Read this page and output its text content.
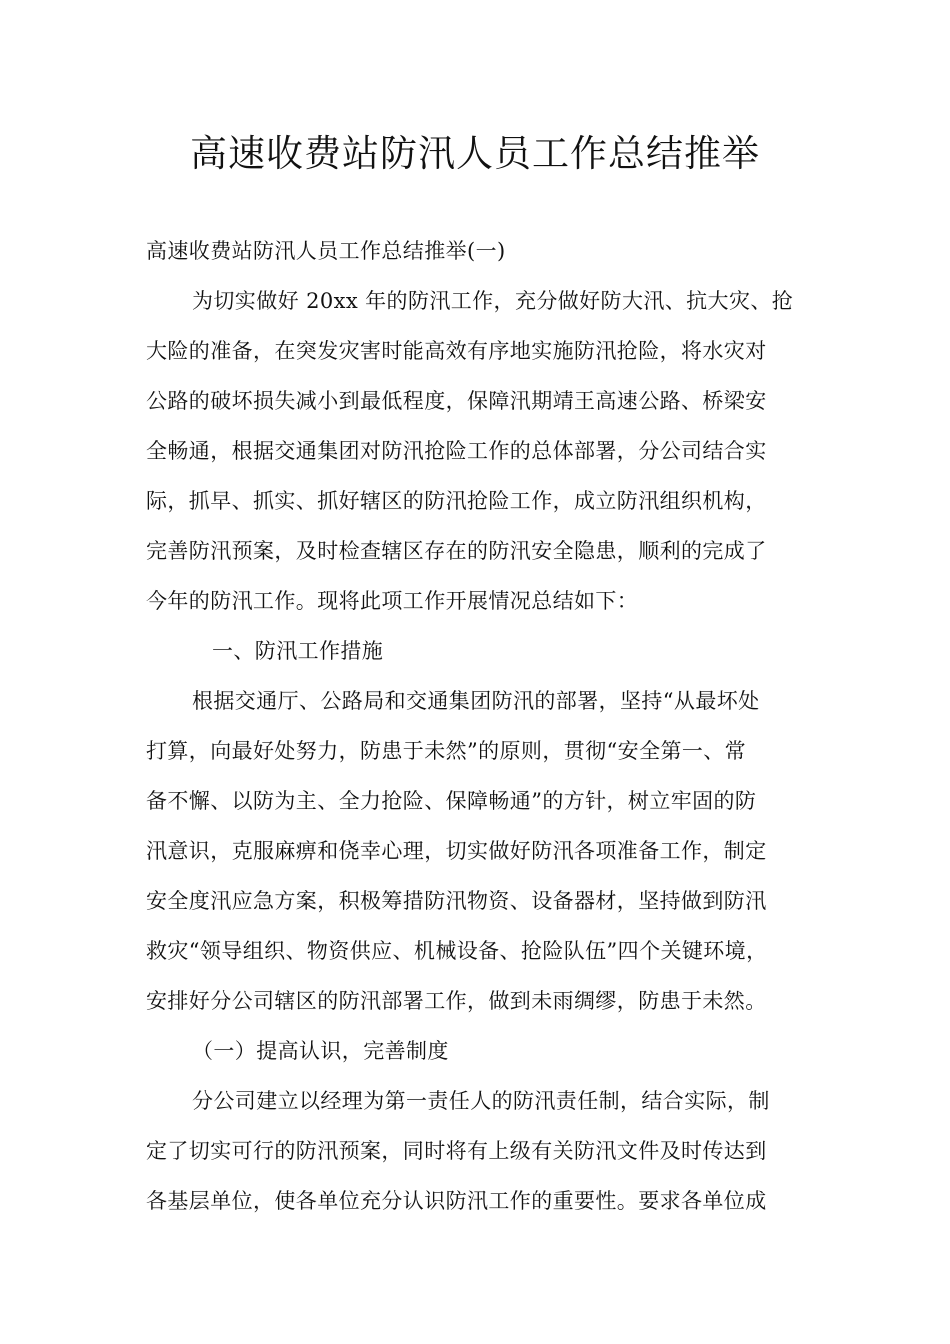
高速收费站防汛人员工作总结推举
高速收费站防汛人员工作总结推举(一)
为切实做好 20xx 年的防汛工作，充分做好防大汛、抗大灾、抢
大险的准备，在突发灾害时能高效有序地实施防汛抢险，将水灾对
公路的破坏损失减小到最低程度，保障汛期靖王高速公路、桥梁安
全畅通，根据交通集团对防汛抢险工作的总体部署，分公司结合实
际，抓早、抓实、抓好辖区的防汛抢险工作，成立防汛组织机构，
完善防汛预案，及时检查辖区存在的防汛安全隐患，顺利的完成了
今年的防汛工作。现将此项工作开展情况总结如下：
一、防汛工作措施
根据交通厅、公路局和交通集团防汛的部署，坚持“从最坏处
打算，向最好处努力，防患于未然”的原则，贯彻“安全第一、常
备不懈、以防为主、全力抢险、保障畅通”的方针，树立牢固的防
汛意识，克服麻痹和侥幸心理，切实做好防汛各项准备工作，制定
安全度汛应急方案，积极筹措防汛物资、设备器材，坚持做到防汛
救灾“领导组织、物资供应、机械设备、抢险队伍”四个关键环境，
安排好分公司辖区的防汛部署工作，做到未雨绸缪，防患于未然。
（一）提高认识，完善制度
分公司建立以经理为第一责任人的防汛责任制，结合实际，制
定了切实可行的防汛预案，同时将有上级有关防汛文件及时传达到
各基层单位，使各单位充分认识防汛工作的重要性。要求各单位成
